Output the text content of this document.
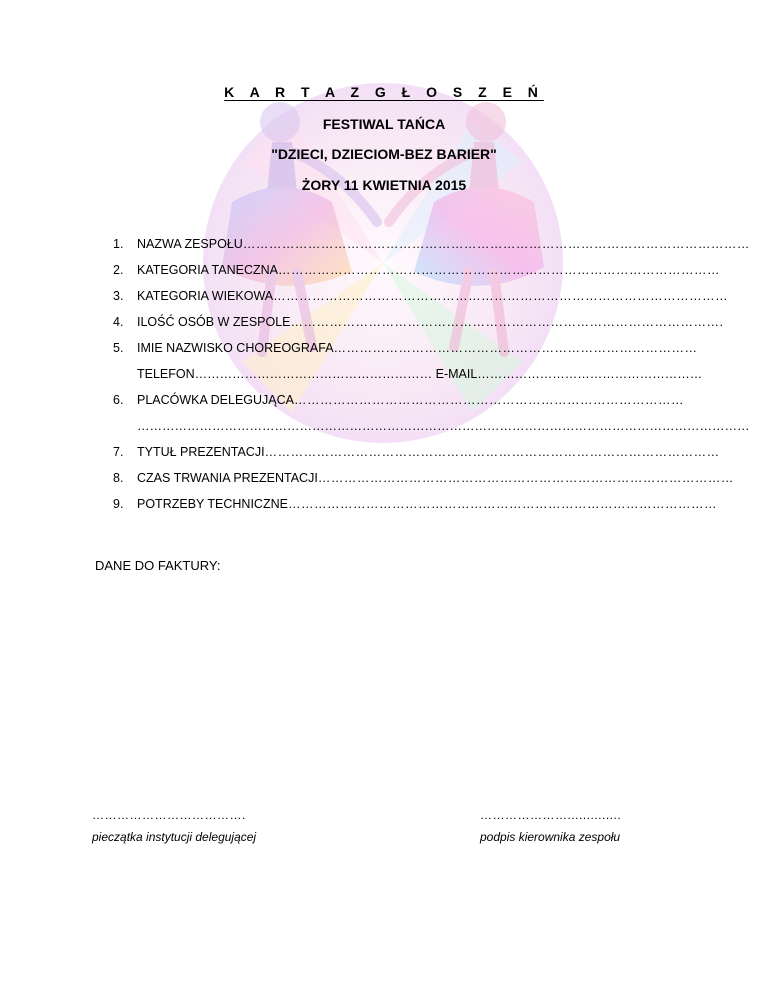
K A R T A Z G Ł O S Z E Ń
FESTIWAL TAŃCA
"DZIECI, DZIECIOM-BEZ BARIER"
ŻORY 11 KWIETNIA 2015
1. NAZWA ZESPOŁU………………………………………………………………………………………………………
2. KATEGORIA TANECZNA…………………………………………………………………………………………
3. KATEGORIA WIEKOWA……………………………………………………………………………………………
4. ILOŚĆ OSÓB W ZESPOLE……………………………………………………………………………………….
5. IMIE NAZWISKO CHOREOGRAFA…………………………………………………………………………
TELEFON………………………………………………… E-MAIL………………………………………………
6. PLACÓWKA DELEGUJĄCA………………………………………………………………………………
…………………………………………………………………………………………………………………………………
7. TYTUŁ PREZENTACJI……………………………………………………………………………………………
8. CZAS TRWANIA PREZENTACJI……………………………………………………………………………………
9. POTRZEBY TECHNICZNE………………………………………………………………………………………
DANE DO FAKTURY:
……………………………….	…………………..............
pieczątka instytucji delegującej	podpis kierownika zespołu
